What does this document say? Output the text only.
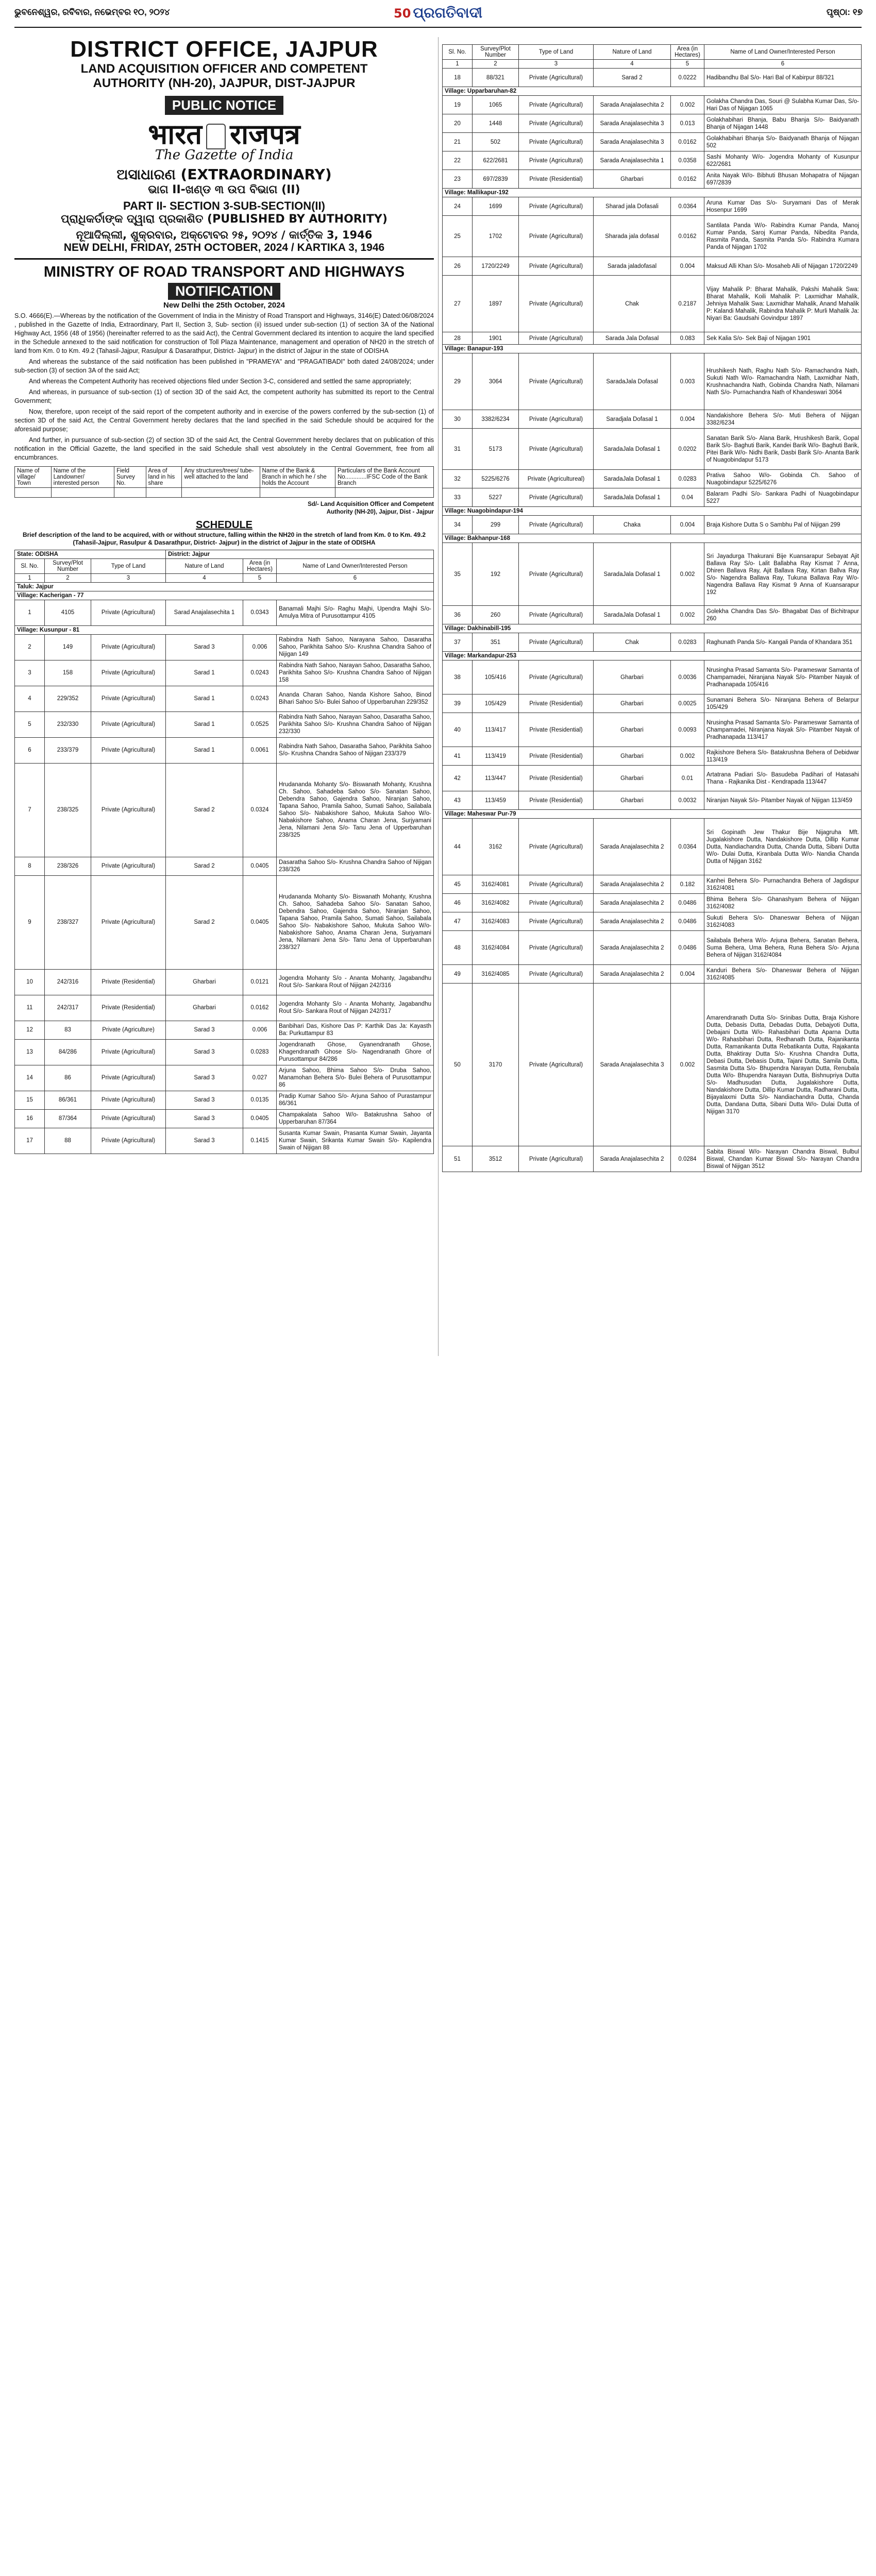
ଭୁବନେଶ୍ୱର, ରବିବାର, ନଭେମ୍ବର ୧୦, ୨୦୨୪	50 ପ୍ରଗତିବାଦୀ	ପୃଷ୍ଠା: ୧୭
DISTRICT OFFICE, JAJPUR
LAND ACQUISITION OFFICER AND COMPETENT
AUTHORITY (NH-20), JAJPUR, DIST-JAJPUR
PUBLIC NOTICE
भारत राजपत्र
The Gazette of India
ଅସାଧାରଣ (EXTRAORDINARY)
ଭାଗ II-ଖଣ୍ଡ ୩ ଉପ ବିଭାଗ (II)
PART II- SECTION 3-SUB-SECTION(II)
ପ୍ରାଧିକର୍ତାଙ୍କ ଦ୍ୱାରା ପ୍ରକାଶିତ (PUBLISHED BY AUTHORITY)
ନୂଆଦିଲ୍ଲୀ, ଶୁକ୍ରବାର, ଅକ୍ଟୋବର ୨୫, ୨୦୨୪ / କାର୍ତ୍ତିକ 3, 1946
NEW DELHI, FRIDAY, 25TH OCTOBER, 2024 / KARTIKA 3, 1946
MINISTRY OF ROAD TRANSPORT AND HIGHWAYS
NOTIFICATION
New Delhi the 25th October, 2024

S.O. 4666(E).—Whereas by the notification of the Government of India in the Ministry of Road Transport and Highways, 3146(E) Dated:06/08/2024 , published in the Gazette of India, Extraordinary, Part II, Section 3, Sub- section (ii) issued under sub-section (1) of section 3A of the National Highway Act, 1956 (48 of 1956) (hereinafter referred to as the said Act), the Central Government declared its intention to acquire the land specified in the Schedule annexed to the said notification for construction of Toll Plaza Maintenance, management and operation of NH20 in the stretch of land from Km. 0 to Km. 49.2 (Tahasil-Jajpur, Rasulpur & Dasarathpur, District- Jajpur) in the district of Jajpur in the state of ODISHA

And whereas the substance of the said notification has been published in "PRAMEYA" and "PRAGATIBADI" both dated 24/08/2024; under sub-section (3) of section 3A of the said Act;

And whereas the Competent Authority has received objections filed under Section 3-C, considered and settled the same appropriately;

And whereas, in pursuance of sub-section (1) of section 3D of the said Act, the competent authority has submitted its report to the Central Government;

Now, therefore, upon receipt of the said report of the competent authority and in exercise of the powers conferred by the sub-section (1) of section 3D of the said Act, the Central Government hereby declares that the land specified in the said Schedule should be acquired for the aforesaid purpose;

And further, in pursuance of sub-section (2) of section 3D of the said Act, the Central Government hereby declares that on publication of this notification in the Official Gazette, the land specified in the said Schedule shall vest absolutely in the Central Government, free from all encumbrances.

Name of village/ Town	Name of the Landowner/ interested person	Field Survey No.	Area of land in his share	Any structures/trees/ tube-well attached to the land	Name of the Bank & Branch in which he / she holds the Account	Particulars of the Bank Account No.............IFSC Code of the Bank Branch

Sd/- Land Acquisition Officer and Competent
Authority (NH-20), Jajpur, Dist - Jajpur
SCHEDULE
Brief description of the land to be acquired, with or without structure, falling within the NH20 in the stretch of land from Km. 0 to Km. 49.2 (Tahasil-Jajpur, Rasulpur & Dasarathpur, District- Jajpur) in the district of Jajpur in the state of ODISHA
State: ODISHA			District: Jajpur		
Sl. No.	Survey/Plot Number	Type of Land	Nature of Land	Area (in Hectares)	Name of Land Owner/Interested Person
1	2	3	4	5	6
Taluk: Jajpur					
Village: Kacherigan - 77					
1	4105	Private (Agricultural)	Sarad Anajalasechita 1	0.0343	Banamali Majhi S/o- Raghu Majhi, Upendra Majhi S/o- Amulya Mitra of Purusottampur 4105
Village: Kusunpur - 81					
2	149	Private (Agricultural)	Sarad 3	0.006	Rabindra Nath Sahoo, Narayana Sahoo, Dasaratha Sahoo, Parikhita Sahoo S/o- Krushna Chandra Sahoo of Nijigan 149
3	158	Private (Agricultural)	Sarad 1	0.0243	Rabindra Nath Sahoo, Narayan Sahoo, Dasaratha Sahoo, Parikhita Sahoo S/o- Krushna Chandra Sahoo of Nijigan 158
4	229/352	Private (Agricultural)	Sarad 1	0.0243	Ananda Charan Sahoo, Nanda Kishore Sahoo, Binod Bihari Sahoo S/o- Bulei Sahoo of Upperbaruhan 229/352
5	232/330	Private (Agricultural)	Sarad 1	0.0525	Rabindra Nath Sahoo, Narayan Sahoo, Dasaratha Sahoo, Parikhita Sahoo S/o- Krushna Chandra Sahoo of Nijigan 232/330
6	233/379	Private (Agricultural)	Sarad 1	0.0061	Rabindra Nath Sahoo, Dasaratha Sahoo, Parikhita Sahoo S/o- Krushna Chandra Sahoo of Nijigan 233/379
7	238/325	Private (Agricultural)	Sarad 2	0.0324	Hrudananda Mohanty S/o- Biswanath Mohanty, Krushna Ch. Sahoo, Sahadeba Sahoo S/o- Sanatan Sahoo, Debendra Sahoo, Gajendra Sahoo, Niranjan Sahoo, Tapana Sahoo, Pramila Sahoo, Sumati Sahoo, Sailabala Sahoo S/o- Nabakishore Sahoo, Mukuta Sahoo W/o- Nabakishore Sahoo, Anama Charan Jena, Surjyamani Jena, Nilamani Jena S/o- Tanu Jena of Upperbaruhan 238/325
8	238/326	Private (Agricultural)	Sarad 2	0.0405	Dasaratha Sahoo S/o- Krushna Chandra Sahoo of Nijigan 238/326
9	238/327	Private (Agricultural)	Sarad 2	0.0405	Hrudananda Mohanty S/o- Biswanath Mohanty, Krushna Ch. Sahoo, Sahadeba Sahoo S/o- Sanatan Sahoo, Debendra Sahoo, Gajendra Sahoo, Niranjan Sahoo, Tapana Sahoo, Pramila Sahoo, Sumati Sahoo, Sailabala Sahoo S/o- Nabakishore Sahoo, Mukuta Sahoo W/o- Nabakishore Sahoo, Anama Charan Jena, Surjyamani Jena, Nilamani Jena S/o- Tanu Jena of Upperbaruhan 238/327
10	242/316	Private (Residential)	Gharbari	0.0121	Jogendra Mohanty S/o - Ananta Mohanty, Jagabandhu Rout S/o- Sankara Rout of Nijigan 242/316
11	242/317	Private (Residential)	Gharbari	0.0162	Jogendra Mohanty S/o - Ananta Mohanty, Jagabandhu Rout S/o- Sankara Rout of Nijigan 242/317
12	83	Private (Agriculture)	Sarad 3	0.006	Banbihari Das, Kishore Das P: Karthik Das Ja: Kayasth Ba: Purkuttampur 83
13	84/286	Private (Agricultural)	Sarad 3	0.0283	Jogendranath Ghose, Gyanendranath Ghose, Khagendranath Ghose S/o- Nagendranath Ghore of Purusottampur 84/286
14	86	Private (Agricultural)	Sarad 3	0.027	Arjuna Sahoo, Bhima Sahoo S/o- Druba Sahoo, Manamohan Behera S/o- Bulei Behera of Purusottampur 86
15	86/361	Private (Agricultural)	Sarad 3	0.0135	Pradip Kumar Sahoo S/o- Arjuna Sahoo of Purastampur 86/361
16	87/364	Private (Agricultural)	Sarad 3	0.0405	Champakalata Sahoo W/o- Batakrushna Sahoo of Upperbaruhan 87/364
17	88	Private (Agricultural)	Sarad 3	0.1415	Susanta Kumar Swain, Prasanta Kumar Swain, Jayanta Kumar Swain, Srikanta Kumar Swain S/o- Kapilendra Swain of Nijigan 88
Sl. No.	Survey/Plot Number	Type of Land	Nature of Land	Area (in Hectares)	Name of Land Owner/Interested Person
1	2	3	4	5	6
18	88/321	Private (Agricultural)	Sarad 2	0.0222	Hadibandhu Bal S/o- Hari Bal of Kabirpur 88/321
Village: Upparbaruhan-82					
19	1065	Private (Agricultural)	Sarada Anajalasechita 2	0.002	Golakha Chandra Das, Souri @ Sulabha Kumar Das, S/o- Hari Das of Nijagan 1065
20	1448	Private (Agricultural)	Sarada Anajalasechita 3	0.013	Golakhabihari Bhanja, Babu Bhanja S/o- Baidyanath Bhanja of Nijagan 1448
21	502	Private (Agricultural)	Sarada Anajalasechita 3	0.0162	Golakhabihari Bhanja S/o- Baidyanath Bhanja of Nijagan 502
22	622/2681	Private (Agricultural)	Sarada Anajalasechita 1	0.0358	Sashi Mohanty W/o- Jogendra Mohanty of Kusunpur 622/2681
23	697/2839	Private (Residential)	Gharbari	0.0162	Anita Nayak W/o- Bibhuti Bhusan Mohapatra of Nijagan 697/2839
Village: Mallikapur-192					
24	1699	Private (Agricultural)	Sharad jala Dofasali	0.0364	Aruna Kumar Das S/o- Suryamani Das of Merak Hosenpur 1699
25	1702	Private (Agricultural)	Sharada jala dofasal	0.0162	Santilata Panda W/o- Rabindra Kumar Panda, Manoj Kumar Panda, Saroj Kumar Panda, Nibedita Panda, Rasmita Panda, Sasmita Panda S/o- Rabindra Kumara Panda of Nijagan 1702
26	1720/2249	Private (Agricultural)	Sarada jaladofasal	0.004	Maksud Alli Khan S/o- Mosaheb Alli of Nijagan 1720/2249
27	1897	Private (Agricultural)	Chak	0.2187	Vijay Mahalik P: Bharat Mahalik, Pakshi Mahalik Swa: Bharat Mahalik, Koili Mahalik P: Laxmidhar Mahalik, Jehniya Mahalik Swa: Laxmidhar Mahalik, Anand Mahalik P: Kalandi Mahalik, Rabindra Mahalik P: Murli Mahalik Ja: Niyari Ba: Gaudsahi Govindpur 1897
28	1901	Private (Agricultural)	Sarada Jala Dofasal	0.083	Sek Kalia S/o- Sek Baji of Nijagan 1901
Village: Banapur-193					
29	3064	Private (Agricultural)	SaradaJala Dofasal	0.003	Hrushikesh Nath, Raghu Nath S/o- Ramachandra Nath, Sukuti Nath W/o- Ramachandra Nath, Laxmidhar Nath, Krushnachandra Nath, Gobinda Chandra Nath, Nilamani Nath S/o- Purnachandra Nath of Khandeswari 3064
30	3382/6234	Private (Agricultural)	Saradjala Dofasal 1	0.004	Nandakishore Behera S/o- Muti Behera of Nijigan 3382/6234
31	5173	Private (Agricultural)	SaradaJala Dofasal 1	0.0202	Sanatan Barik S/o- Alana Barik, Hrushikesh Barik, Gopal Barik S/o- Baghuti Barik, Kandei Barik W/o- Baghuti Barik, Pitei Barik W/o- Nidhi Barik, Dasbi Barik S/o- Ananta Barik of Nuagobindapur 5173
32	5225/6276	Private (Agricultureal)	SaradaJala Dofasal 1	0.0283	Prativa Sahoo W/o- Gobinda Ch. Sahoo of Nuagobindapur 5225/6276
33	5227	Private (Agricultural)	SaradaJala Dofasal 1	0.04	Balaram Padhi S/o- Sankara Padhi of Nuagobindapur 5227
Village: Nuagobindapur-194					
34	299	Private (Agricultural)	Chaka	0.004	Braja Kishore Dutta S o Sambhu Pal of Nijigan 299
Village: Bakhanpur-168					
35	192	Private (Agricultural)	SaradaJala Dofasal 1	0.002	Sri Jayadurga Thakurani Bije Kuansarapur Sebayat Ajit Ballava Ray S/o- Lalit Ballabha Ray Kismat 7 Anna, Dhiren Ballava Ray, Ajit Ballava Ray, Kirtan Ballva Ray S/o- Nagendra Ballava Ray, Tukuna Ballava Ray W/o- Nagendra Ballava Ray Kismat 9 Anna of Kuansarapur 192
36	260	Private (Agricultural)	SaradaJala Dofasal 1	0.002	Golekha Chandra Das S/o- Bhagabat Das of Bichitrapur 260
Village: Dakhinabill-195					
37	351	Private (Agricultural)	Chak	0.0283	Raghunath Panda S/o- Kangali Panda of Khandara 351
Village: Markandapur-253					
38	105/416	Private (Agricultural)	Gharbari	0.0036	Nrusingha Prasad Samanta S/o- Parameswar Samanta of Champamadei, Niranjana Nayak S/o- Pitamber Nayak of Pradhanapada 105/416
39	105/429	Private (Residential)	Gharbari	0.0025	Sunamani Behera S/o- Niranjana Behera of Belarpur 105/429
40	113/417	Private (Residential)	Gharbari	0.0093	Nrusingha Prasad Samanta S/o- Parameswar Samanta of Champamadei, Niranjana Nayak S/o- Pitamber Nayak of Pradhanapada 113/417
41	113/419	Private (Residential)	Gharbari	0.002	Rajkishore Behera S/o- Batakrushna Behera of Debidwar 113/419
42	113/447	Private (Residential)	Gharbari	0.01	Artatrana Padiari S/o- Basudeba Padihari of Hatasahi Thana - Rajkanika Dist - Kendrapada 113/447
43	113/459	Private (Residential)	Gharbari	0.0032	Niranjan Nayak S/o- Pitamber Nayak of Nijigan 113/459
Village: Maheswar Pur-79					
44	3162	Private (Agricultural)	Sarada Anajalasechita 2	0.0364	Sri Gopinath Jew Thakur Bije Nijagruha Mft. Jugalakishore Dutta, Nandakishore Dutta, Dillip Kumar Dutta, Nandiachandra Dutta, Chanda Dutta, Sibani Dutta W/o- Dulai Dutta, Kiranbala Dutta W/o- Nandia Chanda Dutta of Nijigan 3162
45	3162/4081	Private (Agricultural)	Sarada Anajalasechita 2	0.182	Kanhei Behera S/o- Purnachandra Behera of Jagdispur 3162/4081
46	3162/4082	Private (Agricultural)	Sarada Anajalasechita 2	0.0486	Bhima Behera S/o- Ghanashyam Behera of Nijigan 3162/4082
47	3162/4083	Private (Agricultural)	Sarada Anajalasechita 2	0.0486	Sukuti Behera S/o- Dhaneswar Behera of Nijigan 3162/4083
48	3162/4084	Private (Agricultural)	Sarada Anajalasechita 2	0.0486	Sailabala Behera W/o- Arjuna Behera, Sanatan Behera, Suma Behera, Uma Behera, Runa Behera S/o- Arjuna Behera of Nijigan 3162/4084
49	3162/4085	Private (Agricultural)	Sarada Anajalasechita 2	0.004	Kanduri Behera S/o- Dhaneswar Behera of Nijigan 3162/4085
50	3170	Private (Agricultural)	Sarada Anajalasechita 3	0.002	Amarendranath Dutta S/o- Srinibas Dutta, Braja Kishore Dutta, Debasis Dutta, Debadas Dutta, Debajyoti Dutta, Debajani Dutta W/o- Rahasbihari Dutta Aparna Dutta W/o- Rahasbihari Dutta, Redhanath Dutta, Rajanikanta Dutta, Ramanikanta Dutta Rebatikanta Dutta, Rajakanta Dutta, Bhaktiray Dutta S/o- Krushna Chandra Dutta, Debasi Dutta, Debasis Dutta, Tajani Dutta, Samila Dutta, Sasmita Dutta S/o- Bhupendra Narayan Dutta, Renubala Dutta W/o- Bhupendra Narayan Dutta, Bishnupriya Dutta S/o- Madhusudan Dutta, Jugalakishore Dutta, Nandakishore Dutta, Dillip Kumar Dutta, Radharani Dutta, Bijayalaxmi Dutta S/o- Nandiachandra Dutta, Chanda Dutta, Dandana Dutta, Sibani Dutta W/o- Dulai Dutta of Nijigan 3170
51	3512	Private (Agricultural)	Sarada Anajalasechita 2	0.0284	Sabita Biswal W/o- Narayan Chandra Biswal, Bulbul Biswal, Chandan Kumar Biswal S/o- Narayan Chandra Biswal of Nijigan 3512
